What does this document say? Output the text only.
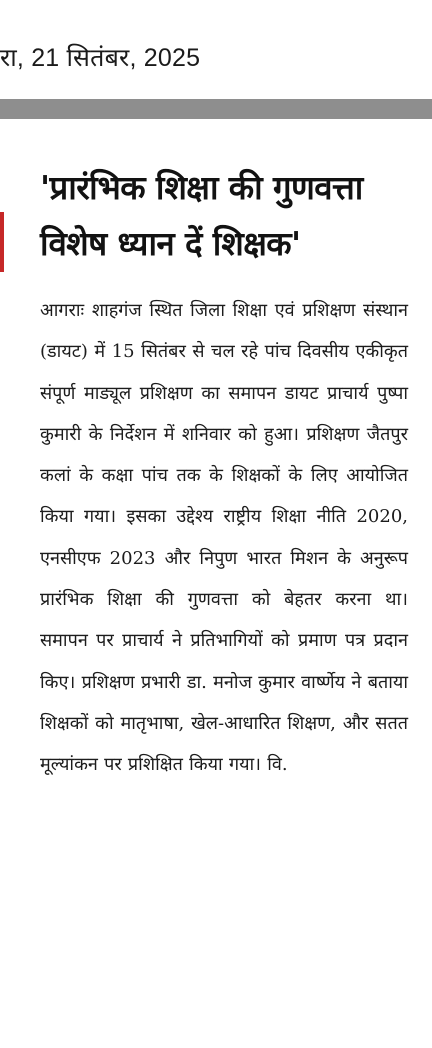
रा, 21 सितंबर, 2025
'प्रारंभिक शिक्षा की गुणवत्ता विशेष ध्यान दें शिक्षक'

आगराः शाहगंज स्थित जिला शिक्षा एवं प्रशिक्षण संस्थान (डायट) में 15 सितंबर से चल रहे पांच दिवसीय एकीकृत संपूर्ण माड्यूल प्रशिक्षण का समापन डायट प्राचार्य पुष्पा कुमारी के निर्देशन में शनिवार को हुआ। प्रशिक्षण जैतपुर कलां के कक्षा पांच तक के शिक्षकों के लिए आयोजित किया गया। इसका उद्देश्य राष्ट्रीय शिक्षा नीति 2020, एनसीएफ 2023 और निपुण भारत मिशन के अनुरूप प्रारंभिक शिक्षा की गुणवत्ता को बेहतर करना था। समापन पर प्राचार्य ने प्रतिभागियों को प्रमाण पत्र प्रदान किए। प्रशिक्षण प्रभारी डा. मनोज कुमार वार्ष्णेय ने बताया शिक्षकों को मातृभाषा, खेल-आधारित शिक्षण, और सतत मूल्यांकन पर प्रशिक्षित किया गया। वि.
